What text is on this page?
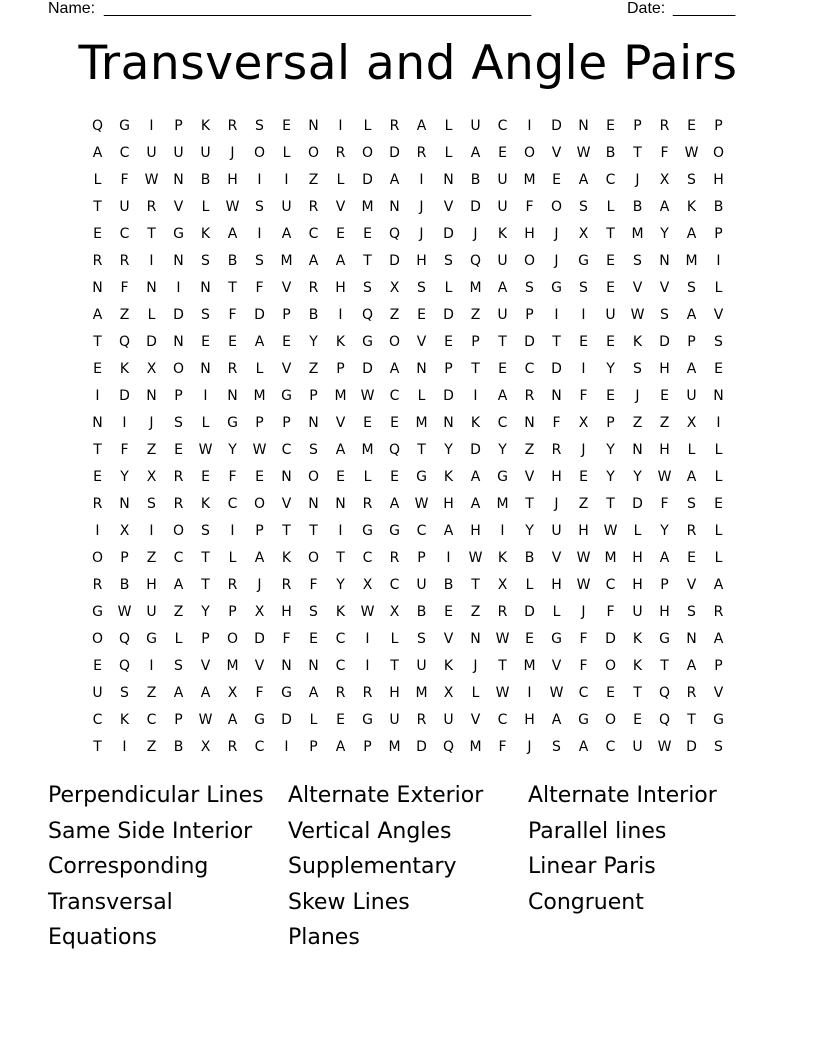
Name: ________________________________________________	Date: _______
Transversal and Angle Pairs
Q	G	I	P	K	R	S	E	N	I	L	R	A	L	U	C	I	D	N	E	P	R	E	P
A	C	U	U	U	J	O	L	O	R	O	D	R	L	A	E	O	V	W	B	T	F	W	O
L	F	W	N	B	H	I	I	Z	L	D	A	I	N	B	U	M	E	A	C	J	X	S	H
T	U	R	V	L	W	S	U	R	V	M	N	J	V	D	U	F	O	S	L	B	A	K	B
E	C	T	G	K	A	I	A	C	E	E	Q	J	D	J	K	H	J	X	T	M	Y	A	P
R	R	I	N	S	B	S	M	A	A	T	D	H	S	Q	U	O	J	G	E	S	N	M	I
N	F	N	I	N	T	F	V	R	H	S	X	S	L	M	A	S	G	S	E	V	V	S	L
A	Z	L	D	S	F	D	P	B	I	Q	Z	E	D	Z	U	P	I	I	U	W	S	A	V
T	Q	D	N	E	E	A	E	Y	K	G	O	V	E	P	T	D	T	E	E	K	D	P	S
E	K	X	O	N	R	L	V	Z	P	D	A	N	P	T	E	C	D	I	Y	S	H	A	E
I	D	N	P	I	N	M	G	P	M	W	C	L	D	I	A	R	N	F	E	J	E	U	N
N	I	J	S	L	G	P	P	N	V	E	E	M	N	K	C	N	F	X	P	Z	Z	X	I
T	F	Z	E	W	Y	W	C	S	A	M	Q	T	Y	D	Y	Z	R	J	Y	N	H	L	L
E	Y	X	R	E	F	E	N	O	E	L	E	G	K	A	G	V	H	E	Y	Y	W	A	L
R	N	S	R	K	C	O	V	N	N	R	A	W	H	A	M	T	J	Z	T	D	F	S	E
I	X	I	O	S	I	P	T	T	I	G	G	C	A	H	I	Y	U	H	W	L	Y	R	L
O	P	Z	C	T	L	A	K	O	T	C	R	P	I	W	K	B	V	W	M	H	A	E	L
R	B	H	A	T	R	J	R	F	Y	X	C	U	B	T	X	L	H	W	C	H	P	V	A
G	W	U	Z	Y	P	X	H	S	K	W	X	B	E	Z	R	D	L	J	F	U	H	S	R
O	Q	G	L	P	O	D	F	E	C	I	L	S	V	N	W	E	G	F	D	K	G	N	A
E	Q	I	S	V	M	V	N	N	C	I	T	U	K	J	T	M	V	F	O	K	T	A	P
U	S	Z	A	A	X	F	G	A	R	R	H	M	X	L	W	I	W	C	E	T	Q	R	V
C	K	C	P	W	A	G	D	L	E	G	U	R	U	V	C	H	A	G	O	E	Q	T	G
T	I	Z	B	X	R	C	I	P	A	P	M	D	Q	M	F	J	S	A	C	U	W	D	S
Perpendicular Lines	Alternate Exterior	Alternate Interior
Same Side Interior	Vertical Angles	Parallel lines
Corresponding	Supplementary	Linear Paris
Transversal	Skew Lines	Congruent
Equations	Planes
